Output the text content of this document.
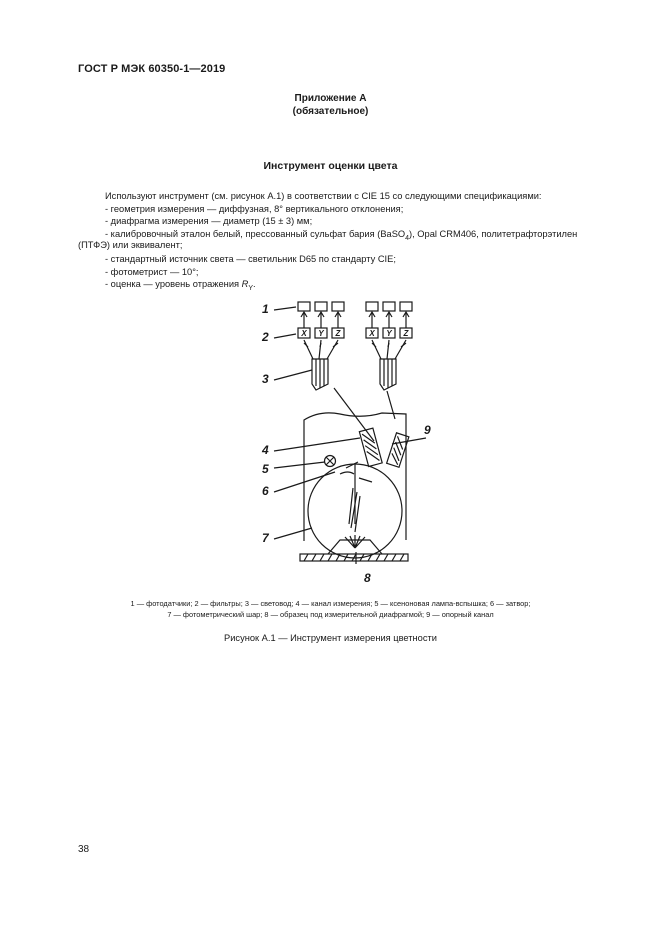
ГОСТ Р МЭК 60350-1—2019
Приложение А
(обязательное)
Инструмент оценки цвета

Используют инструмент (см. рисунок А.1) в соответствии с CIE 15 со следующими спецификациями:

- геометрия измерения — диффузная, 8° вертикального отклонения;

- диафрагма измерения — диаметр (15 ± 3) мм;

- калибровочный эталон белый, прессованный сульфат бария (BaSO$_4$), Opal CRM406, политетрафторэтилен

(ПТФЭ) или эквивалент;

- стандартный источник света — светильник D65 по стандарту CIE;

- фотометрист — 10°;

- оценка — уровень отражения $R_Y$.

1
2
3
4
5
6
7
8
9
X Y Z	X Y Z
1 — фотодатчики; 2 — фильтры; 3 — световод; 4 — канал измерения; 5 — ксеноновая лампа-вспышка; 6 — затвор;
7 — фотометрический шар; 8 — образец под измерительной диафрагмой; 9 — опорный канал
Рисунок А.1 — Инструмент измерения цветности
38
